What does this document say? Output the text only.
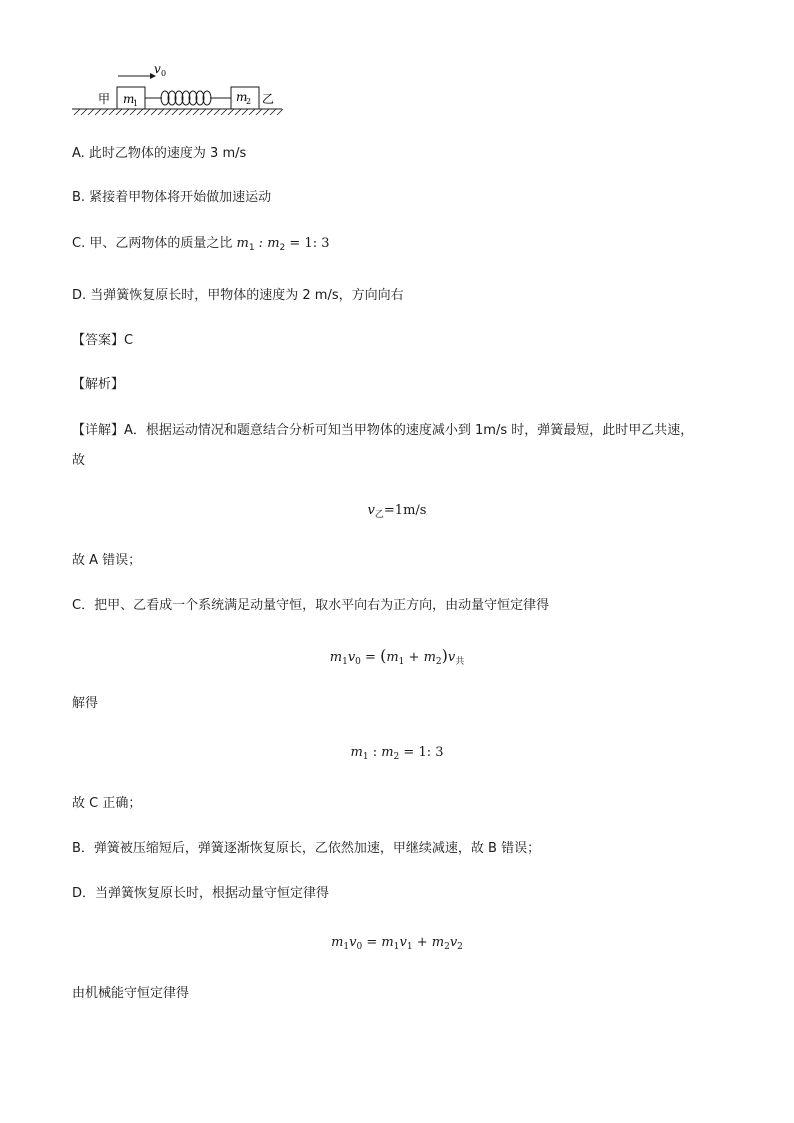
v 0
甲 m
1	m
2 乙
A. 此时乙物体的速度为 3 m/s
B. 紧接着甲物体将开始做加速运动
C. 甲、乙两物体的质量之比 $m_1$ : $m_2 = 1$: 3
D. 当弹簧恢复原长时，甲物体的速度为 2 m/s，方向向右
【答案】C
【解析】
【详解】A．根据运动情况和题意结合分析可知当甲物体的速度减小到 1m/s 时，弹簧最短，此时甲乙共速，
故
$v_乙=1m/s$
故 A 错误；
C．把甲、乙看成一个系统满足动量守恒，取水平向右为正方向，由动量守恒定律得
$m_1v_0 = (m_1 + m_2)v_共$
解得
$m_1$ : $m_2 = 1$: 3
故 C 正确；
B．弹簧被压缩短后，弹簧逐渐恢复原长，乙依然加速，甲继续减速，故 B 错误；
D．当弹簧恢复原长时，根据动量守恒定律得
$m_1v_0 = m_1v_1 + m_2v_2$
由机械能守恒定律得
